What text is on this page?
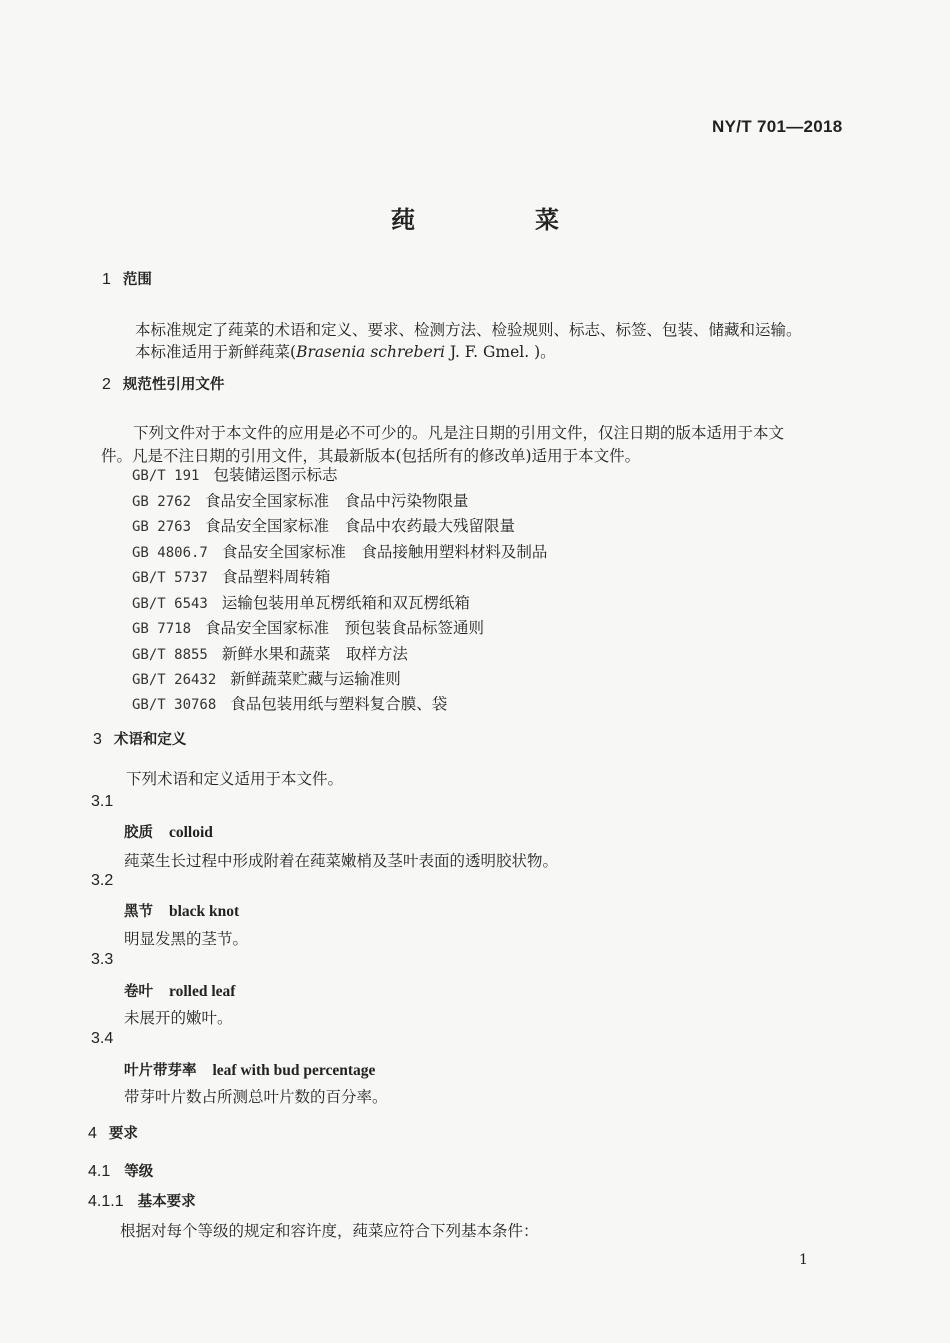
NY/T 701—2018
莼　菜
1 范围
本标准规定了莼菜的术语和定义、要求、检测方法、检验规则、标志、标签、包装、储藏和运输。
本标准适用于新鲜莼菜(Brasenia schreberi J. F. Gmel. )。
2 规范性引用文件
下列文件对于本文件的应用是必不可少的。凡是注日期的引用文件，仅注日期的版本适用于本文
件。凡是不注日期的引用文件，其最新版本(包括所有的修改单)适用于本文件。
GB/T 191 包装储运图示标志
GB 2762 食品安全国家标准　食品中污染物限量
GB 2763 食品安全国家标准　食品中农药最大残留限量
GB 4806.7 食品安全国家标准　食品接触用塑料材料及制品
GB/T 5737 食品塑料周转箱
GB/T 6543 运输包装用单瓦楞纸箱和双瓦楞纸箱
GB 7718 食品安全国家标准　预包装食品标签通则
GB/T 8855 新鲜水果和蔬菜　取样方法
GB/T 26432 新鲜蔬菜贮藏与运输准则
GB/T 30768 食品包装用纸与塑料复合膜、袋
3 术语和定义
下列术语和定义适用于本文件。
3.1
胶质 colloid
莼菜生长过程中形成附着在莼菜嫩梢及茎叶表面的透明胶状物。
3.2
黑节 black knot
明显发黑的茎节。
3.3
卷叶 rolled leaf
未展开的嫩叶。
3.4
叶片带芽率 leaf with bud percentage
带芽叶片数占所测总叶片数的百分率。
4 要求
4.1 等级
4.1.1 基本要求
根据对每个等级的规定和容许度，莼菜应符合下列基本条件：
1
